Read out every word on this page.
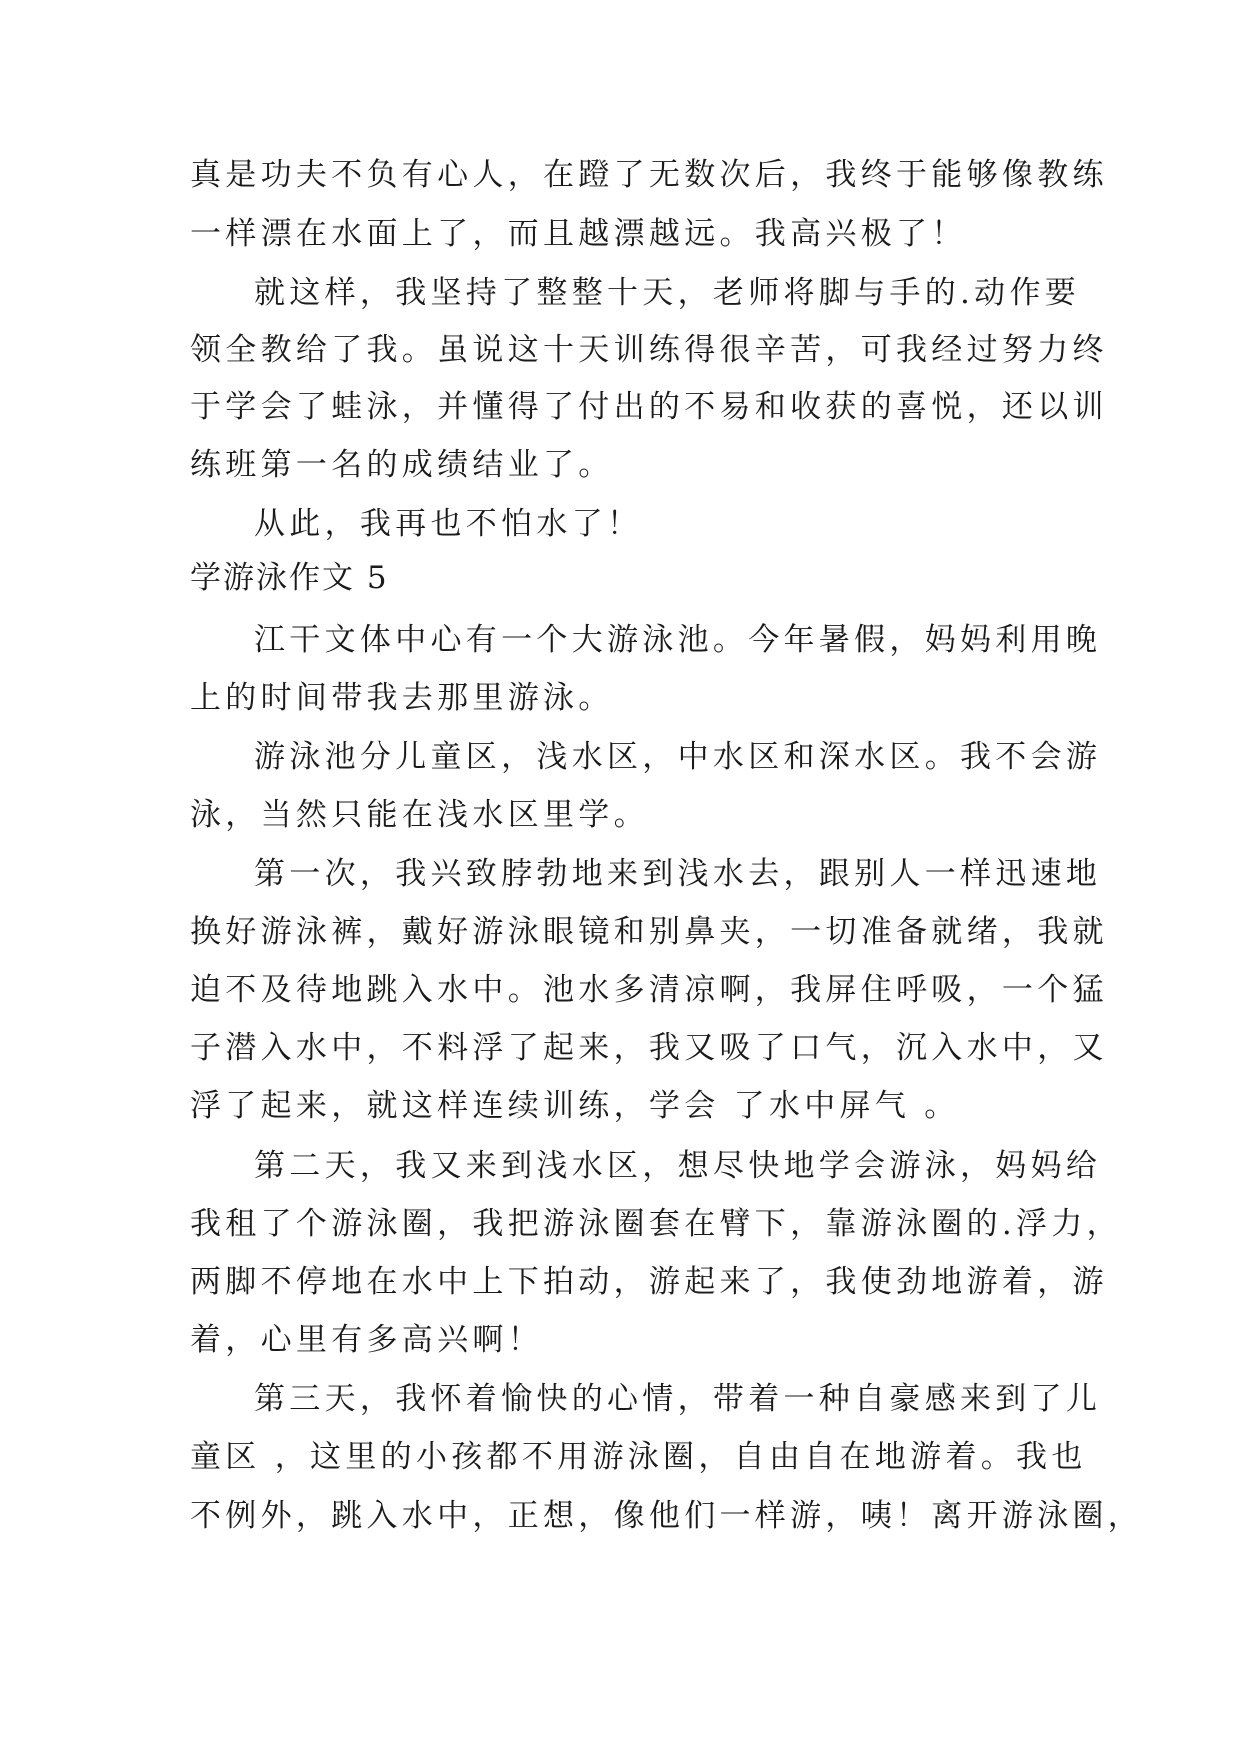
真是功夫不负有心人，在蹬了无数次后，我终于能够像教练
一样漂在水面上了，而且越漂越远。我高兴极了！
就这样，我坚持了整整十天，老师将脚与手的.动作要
领全教给了我。虽说这十天训练得很辛苦，可我经过努力终
于学会了蛙泳，并懂得了付出的不易和收获的喜悦，还以训
练班第一名的成绩结业了。
从此，我再也不怕水了！
学游泳作文 5
江干文体中心有一个大游泳池。今年暑假，妈妈利用晚
上的时间带我去那里游泳。
游泳池分儿童区，浅水区，中水区和深水区。我不会游
泳，当然只能在浅水区里学。
第一次，我兴致脖勃地来到浅水去，跟别人一样迅速地
换好游泳裤，戴好游泳眼镜和别鼻夹，一切准备就绪，我就
迫不及待地跳入水中。池水多清凉啊，我屏住呼吸，一个猛
子潜入水中，不料浮了起来，我又吸了口气，沉入水中，又
浮了起来，就这样连续训练，学会 了水中屏气 。
第二天，我又来到浅水区，想尽快地学会游泳，妈妈给
我租了个游泳圈，我把游泳圈套在臂下，靠游泳圈的.浮力，
两脚不停地在水中上下拍动，游起来了，我使劲地游着，游
着，心里有多高兴啊！
第三天，我怀着愉快的心情，带着一种自豪感来到了儿
童区 ，这里的小孩都不用游泳圈，自由自在地游着。我也
不例外，跳入水中，正想，像他们一样游，咦！离开游泳圈，
